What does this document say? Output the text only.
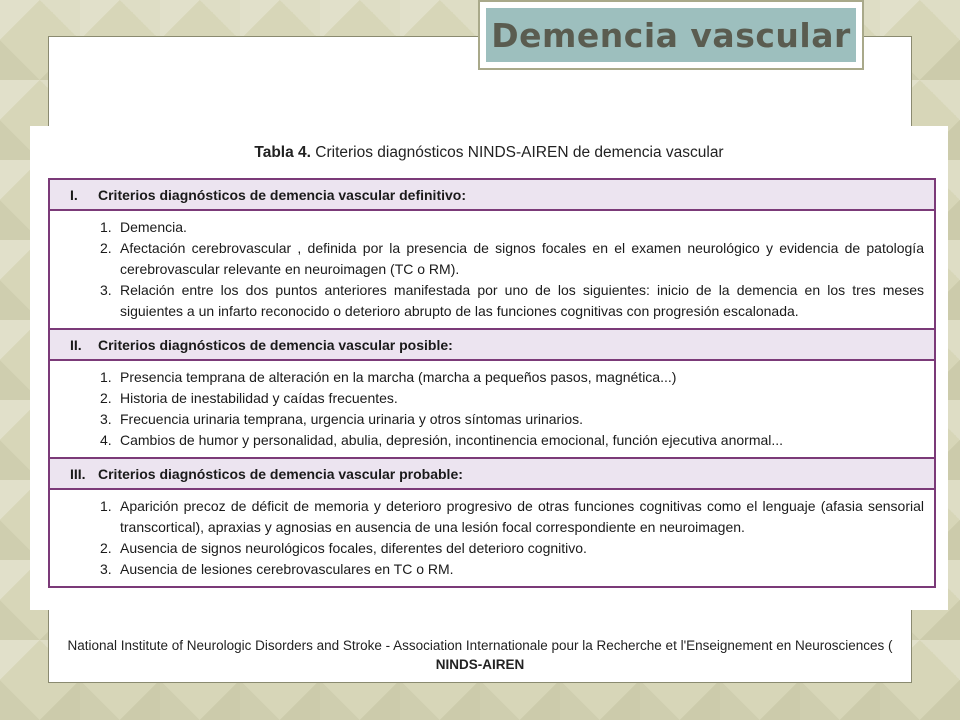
Demencia vascular
Tabla 4. Criterios diagnósticos NINDS-AIREN de demencia vascular
I.	Criterios diagnósticos de demencia vascular definitivo:
1. Demencia.
2. Afectación cerebrovascular , definida por la presencia de signos focales en el examen neurológico y evidencia de patología cerebrovascular relevante en neuroimagen (TC o RM).
3. Relación entre los dos puntos anteriores manifestada por uno de los siguientes: inicio de la demencia en los tres meses siguientes a un infarto reconocido o deterioro abrupto de las funciones cognitivas con progresión escalonada.
II.	Criterios diagnósticos de demencia vascular posible:
1. Presencia temprana de alteración en la marcha (marcha a pequeños pasos, magnética...)
2. Historia de inestabilidad y caídas frecuentes.
3. Frecuencia urinaria temprana, urgencia urinaria y otros síntomas urinarios.
4. Cambios de humor y personalidad, abulia, depresión, incontinencia emocional, función ejecutiva anormal...
III. Criterios diagnósticos de demencia vascular probable:
1. Aparición precoz de déficit de memoria y deterioro progresivo de otras funciones cognitivas como el lenguaje (afasia sensorial transcortical), apraxias y agnosias en ausencia de una lesión focal correspondiente en neuroimagen.
2. Ausencia de signos neurológicos focales, diferentes del deterioro cognitivo.
3. Ausencia de lesiones cerebrovasculares en TC o RM.
National Institute of Neurologic Disorders and Stroke - Association Internationale pour la Recherche et l'Enseignement en Neurosciences ( NINDS-AIREN
